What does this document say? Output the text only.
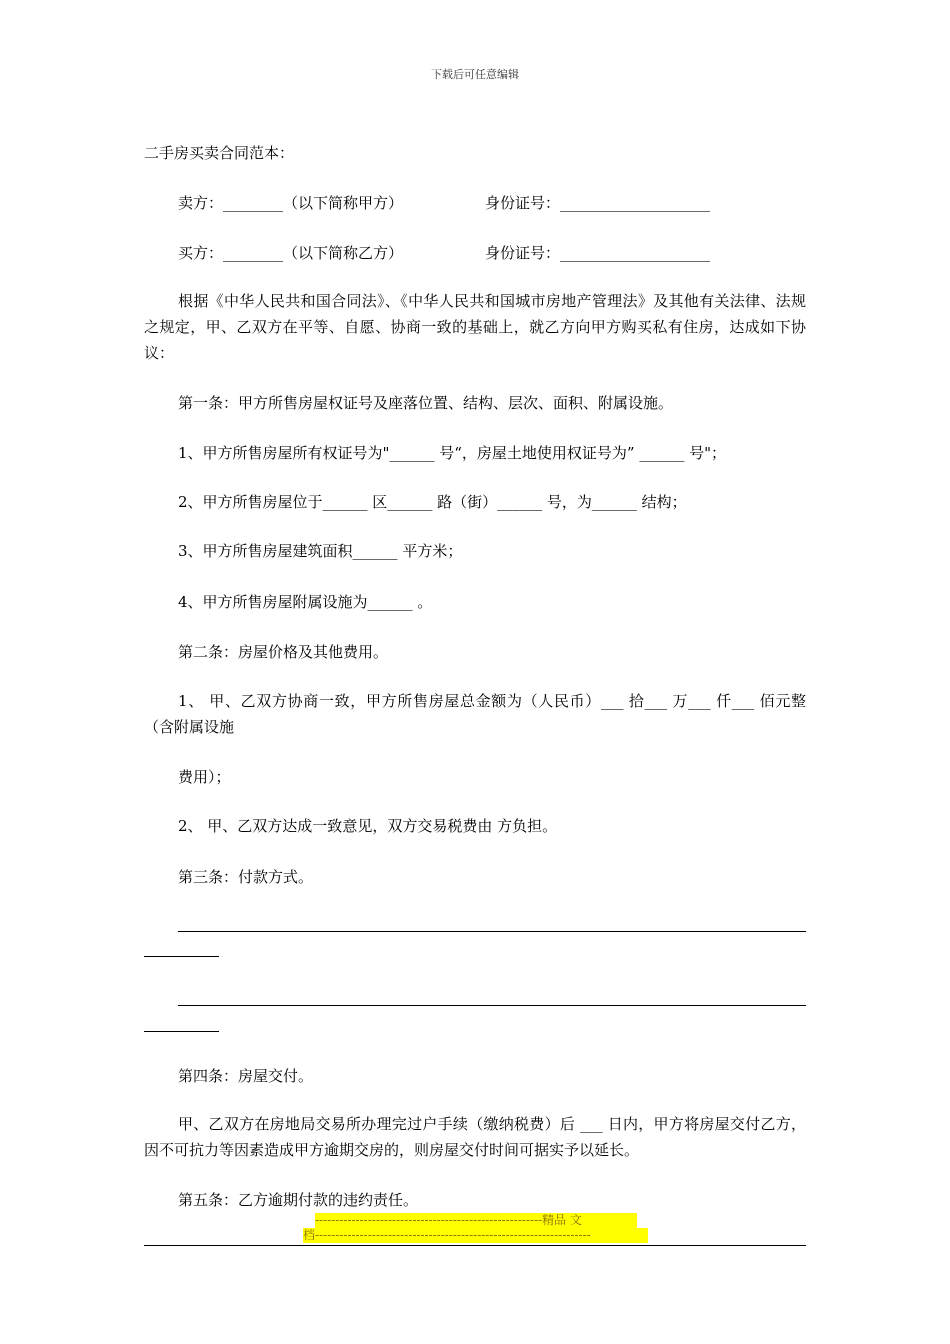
下载后可任意编辑
二手房买卖合同范本：
卖方：________（以下简称甲方）	身份证号：____________________
买方：________（以下简称乙方）	身份证号：____________________
根据《中华人民共和国合同法》、《中华人民共和国城市房地产管理法》及其他有关法律、法规之规定，甲、乙双方在平等、自愿、协商一致的基础上，就乙方向甲方购买私有住房，达成如下协议：
第一条：甲方所售房屋权证号及座落位置、结构、层次、面积、附属设施。
1、甲方所售房屋所有权证号为"______ 号“，房屋土地使用权证号为” ______ 号"；
2、甲方所售房屋位于______ 区______ 路（街）______ 号，为______ 结构；
3、甲方所售房屋建筑面积______ 平方米；
4、甲方所售房屋附属设施为______ 。
第二条：房屋价格及其他费用。
1、 甲、乙双方协商一致，甲方所售房屋总金额为（人民币）___ 拾___ 万___ 仟___ 佰元整（含附属设施
费用）；
2、 甲、乙双方达成一致意见，双方交易税费由 方负担。
第三条：付款方式。
第四条：房屋交付。
甲、乙双方在房地局交易所办理完过户手续（缴纳税费）后 ___ 日内，甲方将房屋交付乙方， 因不可抗力等因素造成甲方逾期交房的，则房屋交付时间可据实予以延长。
第五条：乙方逾期付款的违约责任。
--------------------------------------------------------精品 文
档--------------------------------------------------------------------
